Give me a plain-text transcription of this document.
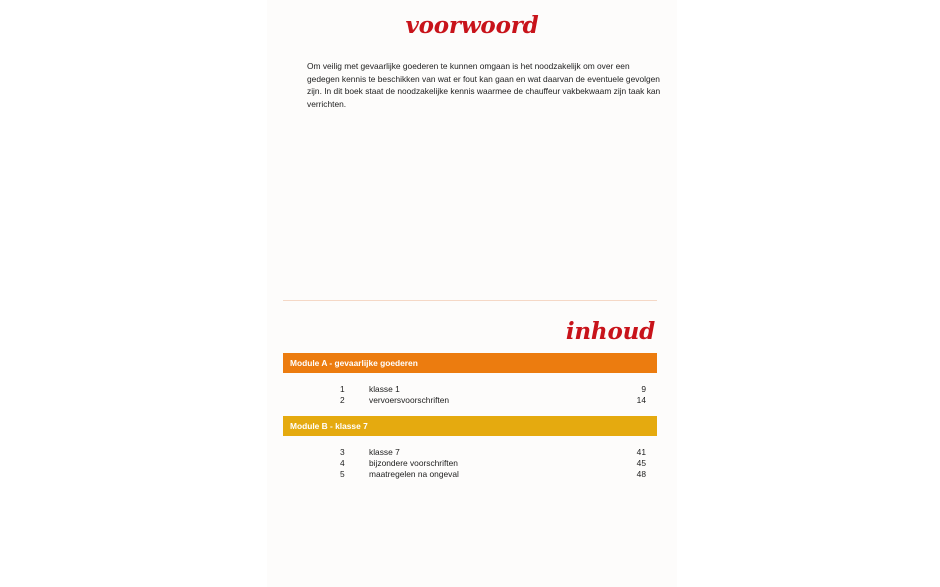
voorwoord

Om veilig met gevaarlijke goederen te kunnen omgaan is het noodzakelijk om over een gedegen kennis te beschikken van wat er fout kan gaan en wat daarvan de eventuele gevolgen zijn. In dit boek staat de noodzakelijke kennis waarmee de chauffeur vakbekwaam zijn taak kan verrichten.

inhoud
Module A - gevaarlijke goederen
1	klasse 1	9
2	vervoersvoorschriften	14
Module B - klasse 7
3	klasse 7	41
4	bijzondere voorschriften	45
5	maatregelen na ongeval	48
